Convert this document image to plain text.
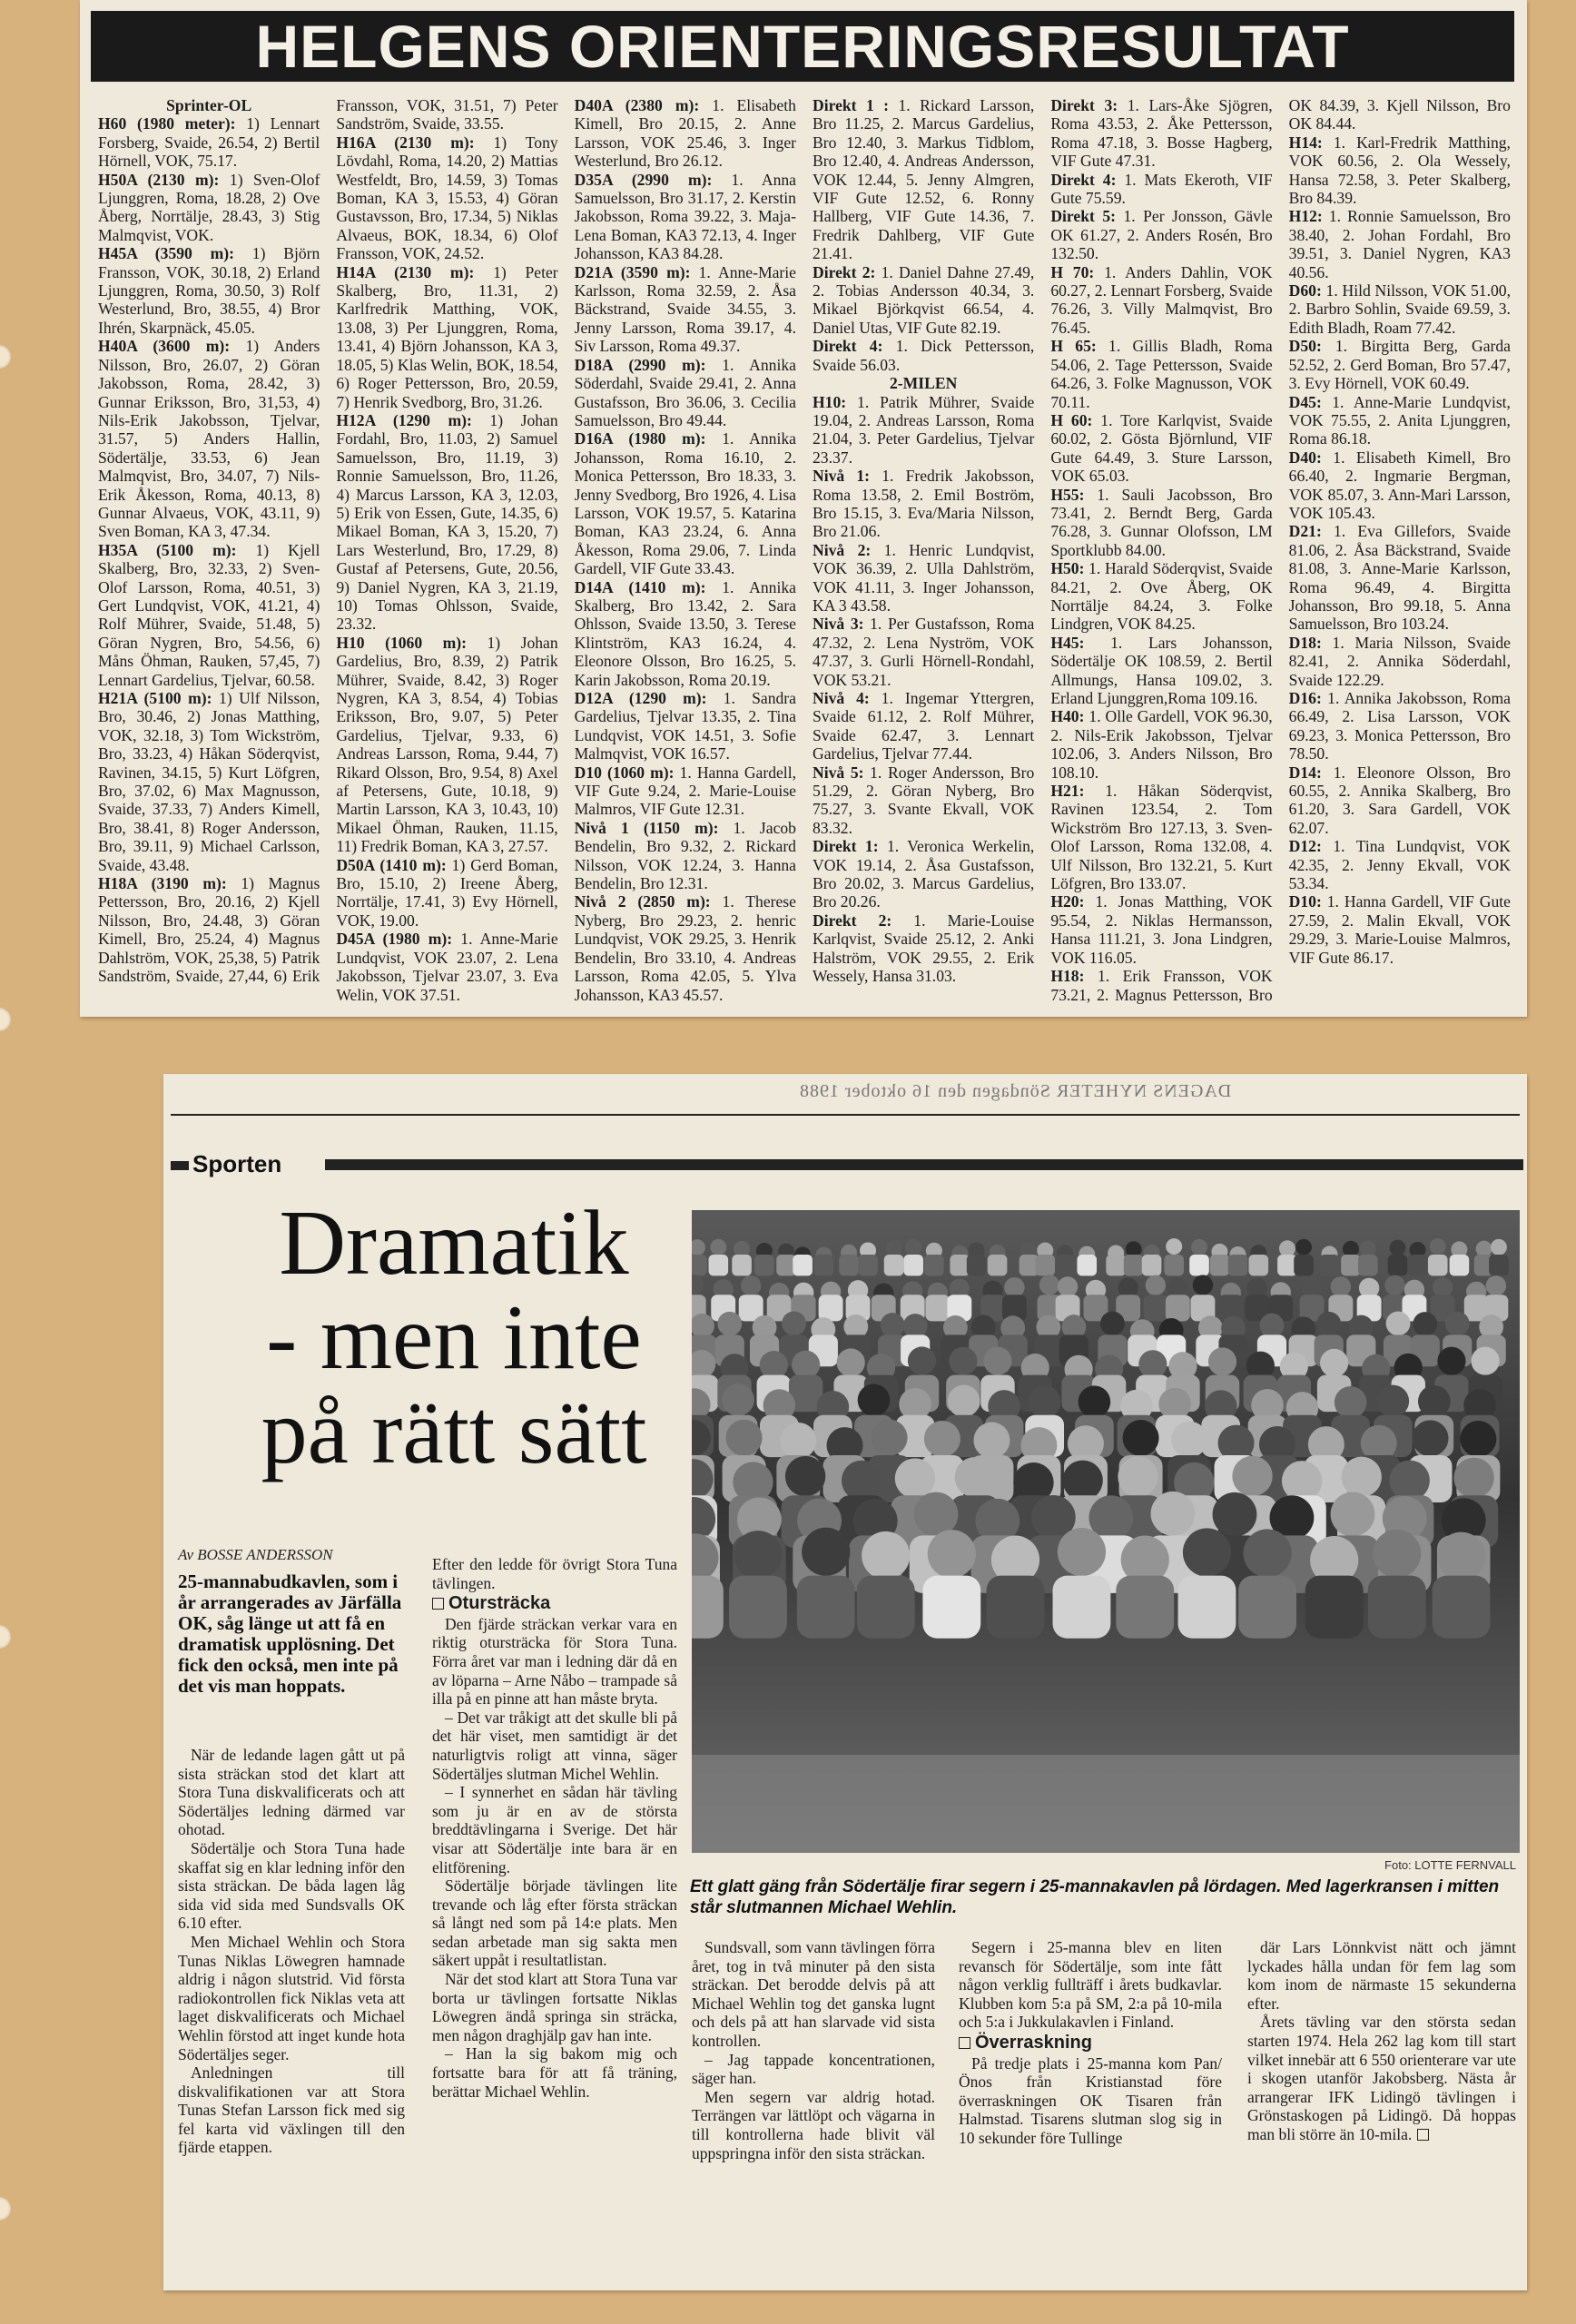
HELGENS ORIENTERINGSRESULTAT

Sprinter-OL

H60 (1980 meter): 1) Lennart Forsberg, Svaide, 26.54, 2) Bertil Hörnell, VOK, 75.17.

H50A (2130 m): 1) Sven-Olof Ljunggren, Roma, 18.28, 2) Ove Åberg, Norrtälje, 28.43, 3) Stig Malmqvist, VOK.

H45A (3590 m): 1) Björn Fransson, VOK, 30.18, 2) Erland Ljunggren, Roma, 30.50, 3) Rolf Westerlund, Bro, 38.55, 4) Bror Ihrén, Skarpnäck, 45.05.

H40A (3600 m): 1) Anders Nilsson, Bro, 26.07, 2) Göran Jakobsson, Roma, 28.42, 3) Gunnar Eriksson, Bro, 31,53, 4) Nils-Erik Jakobsson, Tjelvar, 31.57, 5) Anders Hallin, Södertälje, 33.53, 6) Jean Malmqvist, Bro, 34.07, 7) Nils-Erik Åkesson, Roma, 40.13, 8) Gunnar Alvaeus, VOK, 43.11, 9) Sven Boman, KA 3, 47.34.

H35A (5100 m): 1) Kjell Skalberg, Bro, 32.33, 2) Sven-Olof Larsson, Roma, 40.51, 3) Gert Lundqvist, VOK, 41.21, 4) Rolf Mührer, Svaide, 51.48, 5) Göran Nygren, Bro, 54.56, 6) Måns Öhman, Rauken, 57,45, 7) Lennart Gardelius, Tjelvar, 60.58.

H21A (5100 m): 1) Ulf Nilsson, Bro, 30.46, 2) Jonas Matthing, VOK, 32.18, 3) Tom Wickström, Bro, 33.23, 4) Håkan Söderqvist, Ravinen, 34.15, 5) Kurt Löfgren, Bro, 37.02, 6) Max Magnusson, Svaide, 37.33, 7) Anders Kimell, Bro, 38.41, 8) Roger Andersson, Bro, 39.11, 9) Michael Carlsson, Svaide, 43.48.

H18A (3190 m): 1) Magnus Pettersson, Bro, 20.16, 2) Kjell Nilsson, Bro, 24.48, 3) Göran Kimell, Bro, 25.24, 4) Magnus Dahlström, VOK, 25,38, 5) Patrik Sandström, Svaide, 27,44, 6) Erik Fransson, VOK, 31.51, 7) Peter Sandström, Svaide, 33.55.

H16A (2130 m): 1) Tony Lövdahl, Roma, 14.20, 2) Mattias Westfeldt, Bro, 14.59, 3) Tomas Boman, KA 3, 15.53, 4) Göran Gustavsson, Bro, 17.34, 5) Niklas Alvaeus, BOK, 18.34, 6) Olof Fransson, VOK, 24.52.

H14A (2130 m): 1) Peter Skalberg, Bro, 11.31, 2) Karlfredrik Matthing, VOK, 13.08, 3) Per Ljunggren, Roma, 13.41, 4) Björn Johansson, KA 3, 18.05, 5) Klas Welin, BOK, 18.54, 6) Roger Pettersson, Bro, 20.59, 7) Henrik Svedborg, Bro, 31.26.

H12A (1290 m): 1) Johan Fordahl, Bro, 11.03, 2) Samuel Samuelsson, Bro, 11.19, 3) Ronnie Samuelsson, Bro, 11.26, 4) Marcus Larsson, KA 3, 12.03, 5) Erik von Essen, Gute, 14.35, 6) Mikael Boman, KA 3, 15.20, 7) Lars Westerlund, Bro, 17.29, 8) Gustaf af Petersens, Gute, 20.56, 9) Daniel Nygren, KA 3, 21.19, 10) Tomas Ohlsson, Svaide, 23.32.

H10 (1060 m): 1) Johan Gardelius, Bro, 8.39, 2) Patrik Mührer, Svaide, 8.42, 3) Roger Nygren, KA 3, 8.54, 4) Tobias Eriksson, Bro, 9.07, 5) Peter Gardelius, Tjelvar, 9.33, 6) Andreas Larsson, Roma, 9.44, 7) Rikard Olsson, Bro, 9.54, 8) Axel af Petersens, Gute, 10.18, 9) Martin Larsson, KA 3, 10.43, 10) Mikael Öhman, Rauken, 11.15, 11) Fredrik Boman, KA 3, 27.57.

D50A (1410 m): 1) Gerd Boman, Bro, 15.10, 2) Ireene Åberg, Norrtälje, 17.41, 3) Evy Hörnell, VOK, 19.00.

D45A (1980 m): 1. Anne-Marie Lundqvist, VOK 23.07, 2. Lena Jakobsson, Tjelvar 23.07, 3. Eva Welin, VOK 37.51.

D40A (2380 m): 1. Elisabeth Kimell, Bro 20.15, 2. Anne Larsson, VOK 25.46, 3. Inger Westerlund, Bro 26.12.

D35A (2990 m): 1. Anna Samuelsson, Bro 31.17, 2. Kerstin Jakobsson, Roma 39.22, 3. Maja-Lena Boman, KA3 72.13, 4. Inger Johansson, KA3 84.28.

D21A (3590 m): 1. Anne-Marie Karlsson, Roma 32.59, 2. Åsa Bäckstrand, Svaide 34.55, 3. Jenny Larsson, Roma 39.17, 4. Siv Larsson, Roma 49.37.

D18A (2990 m): 1. Annika Söderdahl, Svaide 29.41, 2. Anna Gustafsson, Bro 36.06, 3. Cecilia Samuelsson, Bro 49.44.

D16A (1980 m): 1. Annika Johansson, Roma 16.10, 2. Monica Pettersson, Bro 18.33, 3. Jenny Svedborg, Bro 1926, 4. Lisa Larsson, VOK 19.57, 5. Katarina Boman, KA3 23.24, 6. Anna Åkesson, Roma 29.06, 7. Linda Gardell, VIF Gute 33.43.

D14A (1410 m): 1. Annika Skalberg, Bro 13.42, 2. Sara Ohlsson, Svaide 13.50, 3. Terese Klintström, KA3 16.24, 4. Eleonore Olsson, Bro 16.25, 5. Karin Jakobsson, Roma 20.19.

D12A (1290 m): 1. Sandra Gardelius, Tjelvar 13.35, 2. Tina Lundqvist, VOK 14.51, 3. Sofie Malmqvist, VOK 16.57.

D10 (1060 m): 1. Hanna Gardell, VIF Gute 9.24, 2. Marie-Louise Malmros, VIF Gute 12.31.

Nivå 1 (1150 m): 1. Jacob Bendelin, Bro 9.32, 2. Rickard Nilsson, VOK 12.24, 3. Hanna Bendelin, Bro 12.31.

Nivå 2 (2850 m): 1. Therese Nyberg, Bro 29.23, 2. henric Lundqvist, VOK 29.25, 3. Henrik Bendelin, Bro 33.10, 4. Andreas Larsson, Roma 42.05, 5. Ylva Johansson, KA3 45.57.

Direkt 1 : 1. Rickard Larsson, Bro 11.25, 2. Marcus Gardelius, Bro 12.40, 3. Markus Tidblom, Bro 12.40, 4. Andreas Andersson, VOK 12.44, 5. Jenny Almgren, VIF Gute 12.52, 6. Ronny Hallberg, VIF Gute 14.36, 7. Fredrik Dahlberg, VIF Gute 21.41.

Direkt 2: 1. Daniel Dahne 27.49, 2. Tobias Andersson 40.34, 3. Mikael Björkqvist 66.54, 4. Daniel Utas, VIF Gute 82.19.

Direkt 4: 1. Dick Pettersson, Svaide 56.03.

2-MILEN

H10: 1. Patrik Mührer, Svaide 19.04, 2. Andreas Larsson, Roma 21.04, 3. Peter Gardelius, Tjelvar 23.37.

Nivå 1: 1. Fredrik Jakobsson, Roma 13.58, 2. Emil Boström, Bro 15.15, 3. Eva/Maria Nilsson, Bro 21.06.

Nivå 2: 1. Henric Lundqvist, VOK 36.39, 2. Ulla Dahlström, VOK 41.11, 3. Inger Johansson, KA 3 43.58.

Nivå 3: 1. Per Gustafsson, Roma 47.32, 2. Lena Nyström, VOK 47.37, 3. Gurli Hörnell-Rondahl, VOK 53.21.

Nivå 4: 1. Ingemar Yttergren, Svaide 61.12, 2. Rolf Mührer, Svaide 62.47, 3. Lennart Gardelius, Tjelvar 77.44.

Nivå 5: 1. Roger Andersson, Bro 51.29, 2. Göran Nyberg, Bro 75.27, 3. Svante Ekvall, VOK 83.32.

Direkt 1: 1. Veronica Werkelin, VOK 19.14, 2. Åsa Gustafsson, Bro 20.02, 3. Marcus Gardelius, Bro 20.26.

Direkt 2: 1. Marie-Louise Karlqvist, Svaide 25.12, 2. Anki Halström, VOK 29.55, 2. Erik Wessely, Hansa 31.03.

Direkt 3: 1. Lars-Åke Sjögren, Roma 43.53, 2. Åke Pettersson, Roma 47.18, 3. Bosse Hagberg, VIF Gute 47.31.

Direkt 4: 1. Mats Ekeroth, VIF Gute 75.59.

Direkt 5: 1. Per Jonsson, Gävle OK 61.27, 2. Anders Rosén, Bro 132.50.

H 70: 1. Anders Dahlin, VOK 60.27, 2. Lennart Forsberg, Svaide 76.26, 3. Villy Malmqvist, Bro 76.45.

H 65: 1. Gillis Bladh, Roma 54.06, 2. Tage Pettersson, Svaide 64.26, 3. Folke Magnusson, VOK 70.11.

H 60: 1. Tore Karlqvist, Svaide 60.02, 2. Gösta Björnlund, VIF Gute 64.49, 3. Sture Larsson, VOK 65.03.

H55: 1. Sauli Jacobsson, Bro 73.41, 2. Berndt Berg, Garda 76.28, 3. Gunnar Olofsson, LM Sportklubb 84.00.

H50: 1. Harald Söderqvist, Svaide 84.21, 2. Ove Åberg, OK Norrtälje 84.24, 3. Folke Lindgren, VOK 84.25.

H45: 1. Lars Johansson, Södertälje OK 108.59, 2. Bertil Allmungs, Hansa 109.02, 3. Erland Ljunggren,Roma 109.16.

H40: 1. Olle Gardell, VOK 96.30, 2. Nils-Erik Jakobsson, Tjelvar 102.06, 3. Anders Nilsson, Bro 108.10.

H21: 1. Håkan Söderqvist, Ravinen 123.54, 2. Tom Wickström Bro 127.13, 3. Sven-Olof Larsson, Roma 132.08, 4. Ulf Nilsson, Bro 132.21, 5. Kurt Löfgren, Bro 133.07.

H20: 1. Jonas Matthing, VOK 95.54, 2. Niklas Hermansson, Hansa 111.21, 3. Jona Lindgren, VOK 116.05.

H18: 1. Erik Fransson, VOK 73.21, 2. Magnus Pettersson, Bro OK 84.39, 3. Kjell Nilsson, Bro OK 84.44.

H14: 1. Karl-Fredrik Matthing, VOK 60.56, 2. Ola Wessely, Hansa 72.58, 3. Peter Skalberg, Bro 84.39.

H12: 1. Ronnie Samuelsson, Bro 38.40, 2. Johan Fordahl, Bro 39.51, 3. Daniel Nygren, KA3 40.56.

D60: 1. Hild Nilsson, VOK 51.00, 2. Barbro Sohlin, Svaide 69.59, 3. Edith Bladh, Roam 77.42.

D50: 1. Birgitta Berg, Garda 52.52, 2. Gerd Boman, Bro 57.47, 3. Evy Hörnell, VOK 60.49.

D45: 1. Anne-Marie Lundqvist, VOK 75.55, 2. Anita Ljunggren, Roma 86.18.

D40: 1. Elisabeth Kimell, Bro 66.40, 2. Ingmarie Bergman, VOK 85.07, 3. Ann-Mari Larsson, VOK 105.43.

D21: 1. Eva Gillefors, Svaide 81.06, 2. Åsa Bäckstrand, Svaide 81.08, 3. Anne-Marie Karlsson, Roma 96.49, 4. Birgitta Johansson, Bro 99.18, 5. Anna Samuelsson, Bro 103.24.

D18: 1. Maria Nilsson, Svaide 82.41, 2. Annika Söderdahl, Svaide 122.29.

D16: 1. Annika Jakobsson, Roma 66.49, 2. Lisa Larsson, VOK 69.23, 3. Monica Pettersson, Bro 78.50.

D14: 1. Eleonore Olsson, Bro 60.55, 2. Annika Skalberg, Bro 61.20, 3. Sara Gardell, VOK 62.07.

D12: 1. Tina Lundqvist, VOK 42.35, 2. Jenny Ekvall, VOK 53.34.

D10: 1. Hanna Gardell, VIF Gute 27.59, 2. Malin Ekvall, VOK 29.29, 3. Marie-Louise Malmros, VIF Gute 86.17.

DAGENS NYHETER Söndagen den 16 oktober 1988
Sporten
Dramatik
- men inte
på rätt sätt
Foto: LOTTE FERNVALL
Ett glatt gäng från Södertälje firar segern i 25-mannakavlen på lördagen. Med lagerkransen i mitten står slutmannen Michael Wehlin.
Av BOSSE ANDERSSON
25-mannabudkavlen, som i år arrangerades av Järfälla OK, såg länge ut att få en dramatisk upplösning. Det fick den också, men inte på det vis man hoppats.

När de ledande lagen gått ut på sista sträckan stod det klart att Stora Tuna diskvalificerats och att Södertäljes ledning därmed var ohotad.

Södertälje och Stora Tuna hade skaffat sig en klar ledning inför den sista sträckan. De båda lagen låg sida vid sida med Sundsvalls OK 6.10 efter.

Men Michael Wehlin och Stora Tunas Niklas Löwegren hamnade aldrig i någon slutstrid. Vid första radiokontrollen fick Niklas veta att laget diskvalificerats och Michael Wehlin förstod att inget kunde hota Södertäljes seger.

Anledningen till diskvalifikationen var att Stora Tunas Stefan Larsson fick med sig fel karta vid växlingen till den fjärde etappen.

Efter den ledde för övrigt Stora Tuna tävlingen.

Otursträcka

Den fjärde sträckan verkar vara en riktig otursträcka för Stora Tuna. Förra året var man i ledning där då en av löparna – Arne Nåbo – trampade så illa på en pinne att han måste bryta.

– Det var tråkigt att det skulle bli på det här viset, men samtidigt är det naturligtvis roligt att vinna, säger Södertäljes slutman Michel Wehlin.

– I synnerhet en sådan här tävling som ju är en av de största breddtävlingarna i Sverige. Det här visar att Södertälje inte bara är en elitförening.

Södertälje började tävlingen lite trevande och låg efter första sträckan så långt ned som på 14:e plats. Men sedan arbetade man sig sakta men säkert uppåt i resultatlistan.

När det stod klart att Stora Tuna var borta ur tävlingen fortsatte Niklas Löwegren ändå springa sin sträcka, men någon draghjälp gav han inte.

– Han la sig bakom mig och fortsatte bara för att få träning, berättar Michael Wehlin.

Sundsvall, som vann tävlingen förra året, tog in två minuter på den sista sträckan. Det berodde delvis på att Michael Wehlin tog det ganska lugnt och dels på att han slarvade vid sista kontrollen.

– Jag tappade koncentrationen, säger han.

Men segern var aldrig hotad. Terrängen var lättlöpt och vägarna in till kontrollerna hade blivit väl uppspringna inför den sista sträckan.

Segern i 25-manna blev en liten revansch för Södertälje, som inte fått någon verklig fullträff i årets budkavlar. Klubben kom 5:a på SM, 2:a på 10-mila och 5:a i Jukkulakavlen i Finland.

Överraskning

På tredje plats i 25-manna kom Pan/Önos från Kristianstad före överraskningen OK Tisaren från Halmstad. Tisarens slutman slog sig in 10 sekunder före Tullinge

där Lars Lönnkvist nätt och jämnt lyckades hålla undan för fem lag som kom inom de närmaste 15 sekunderna efter.

Årets tävling var den största sedan starten 1974. Hela 262 lag kom till start vilket innebär att 6 550 orienterare var ute i skogen utanför Jakobsberg. Nästa år arrangerar IFK Lidingö tävlingen i Grönstaskogen på Lidingö. Då hoppas man bli större än 10-mila.
